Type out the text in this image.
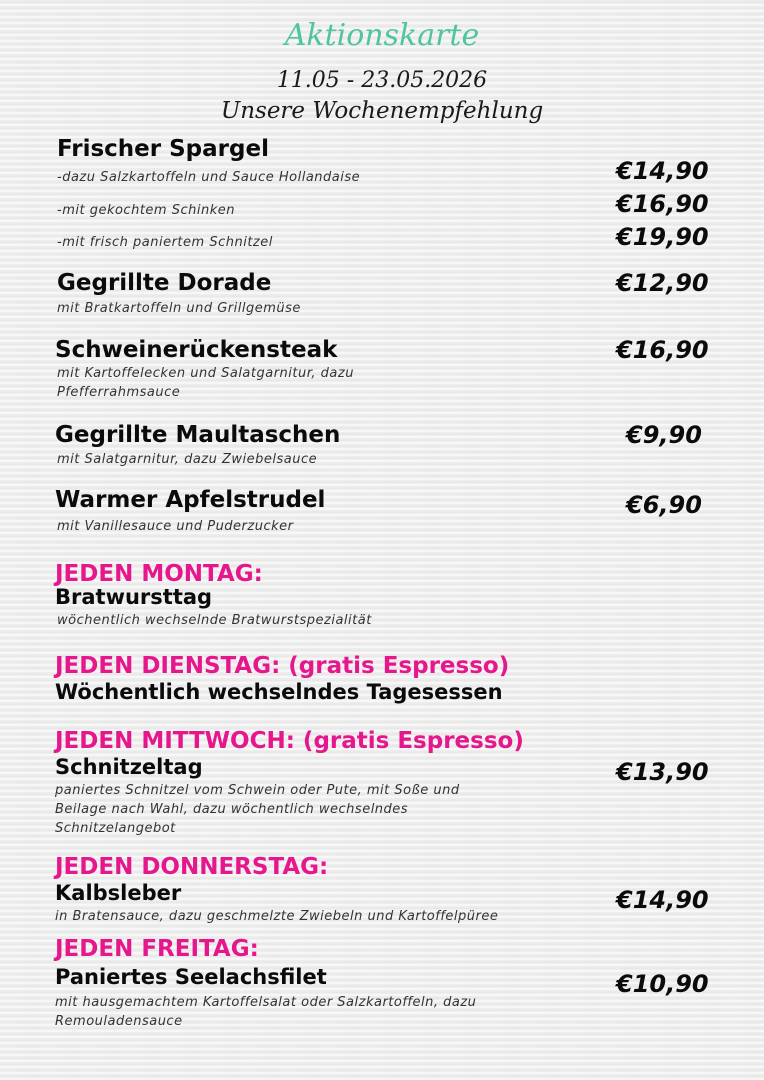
Aktionskarte
11.05 - 23.05.2026
Unsere Wochenempfehlung
Frischer Spargel
-dazu Salzkartoffeln und Sauce Hollandaise	€14,90
-mit gekochtem Schinken	€16,90
-mit frisch paniertem Schnitzel	€19,90
Gegrillte Dorade
mit Bratkartoffeln und Grillgemüse
€12,90
Schweinerückensteak
mit Kartoffelecken und Salatgarnitur, dazu Pfefferrahmsauce
€16,90
Gegrillte Maultaschen
mit Salatgarnitur, dazu Zwiebelsauce
€9,90
Warmer Apfelstrudel
mit Vanillesauce und Puderzucker
€6,90
JEDEN MONTAG:
Bratwursttag
wöchentlich wechselnde Bratwurstspezialität
JEDEN DIENSTAG: (gratis Espresso)
Wöchentlich wechselndes Tagesessen
JEDEN MITTWOCH: (gratis Espresso)
Schnitzeltag
paniertes Schnitzel vom Schwein oder Pute, mit Soße und Beilage nach Wahl, dazu wöchentlich wechselndes Schnitzelangebot
€13,90
JEDEN DONNERSTAG:
Kalbsleber
in Bratensauce, dazu geschmelzte Zwiebeln und Kartoffelpüree
€14,90
JEDEN FREITAG:
Paniertes Seelachsfilet
mit hausgemachtem Kartoffelsalat oder Salzkartoffeln, dazu Remouladensauce
€10,90
